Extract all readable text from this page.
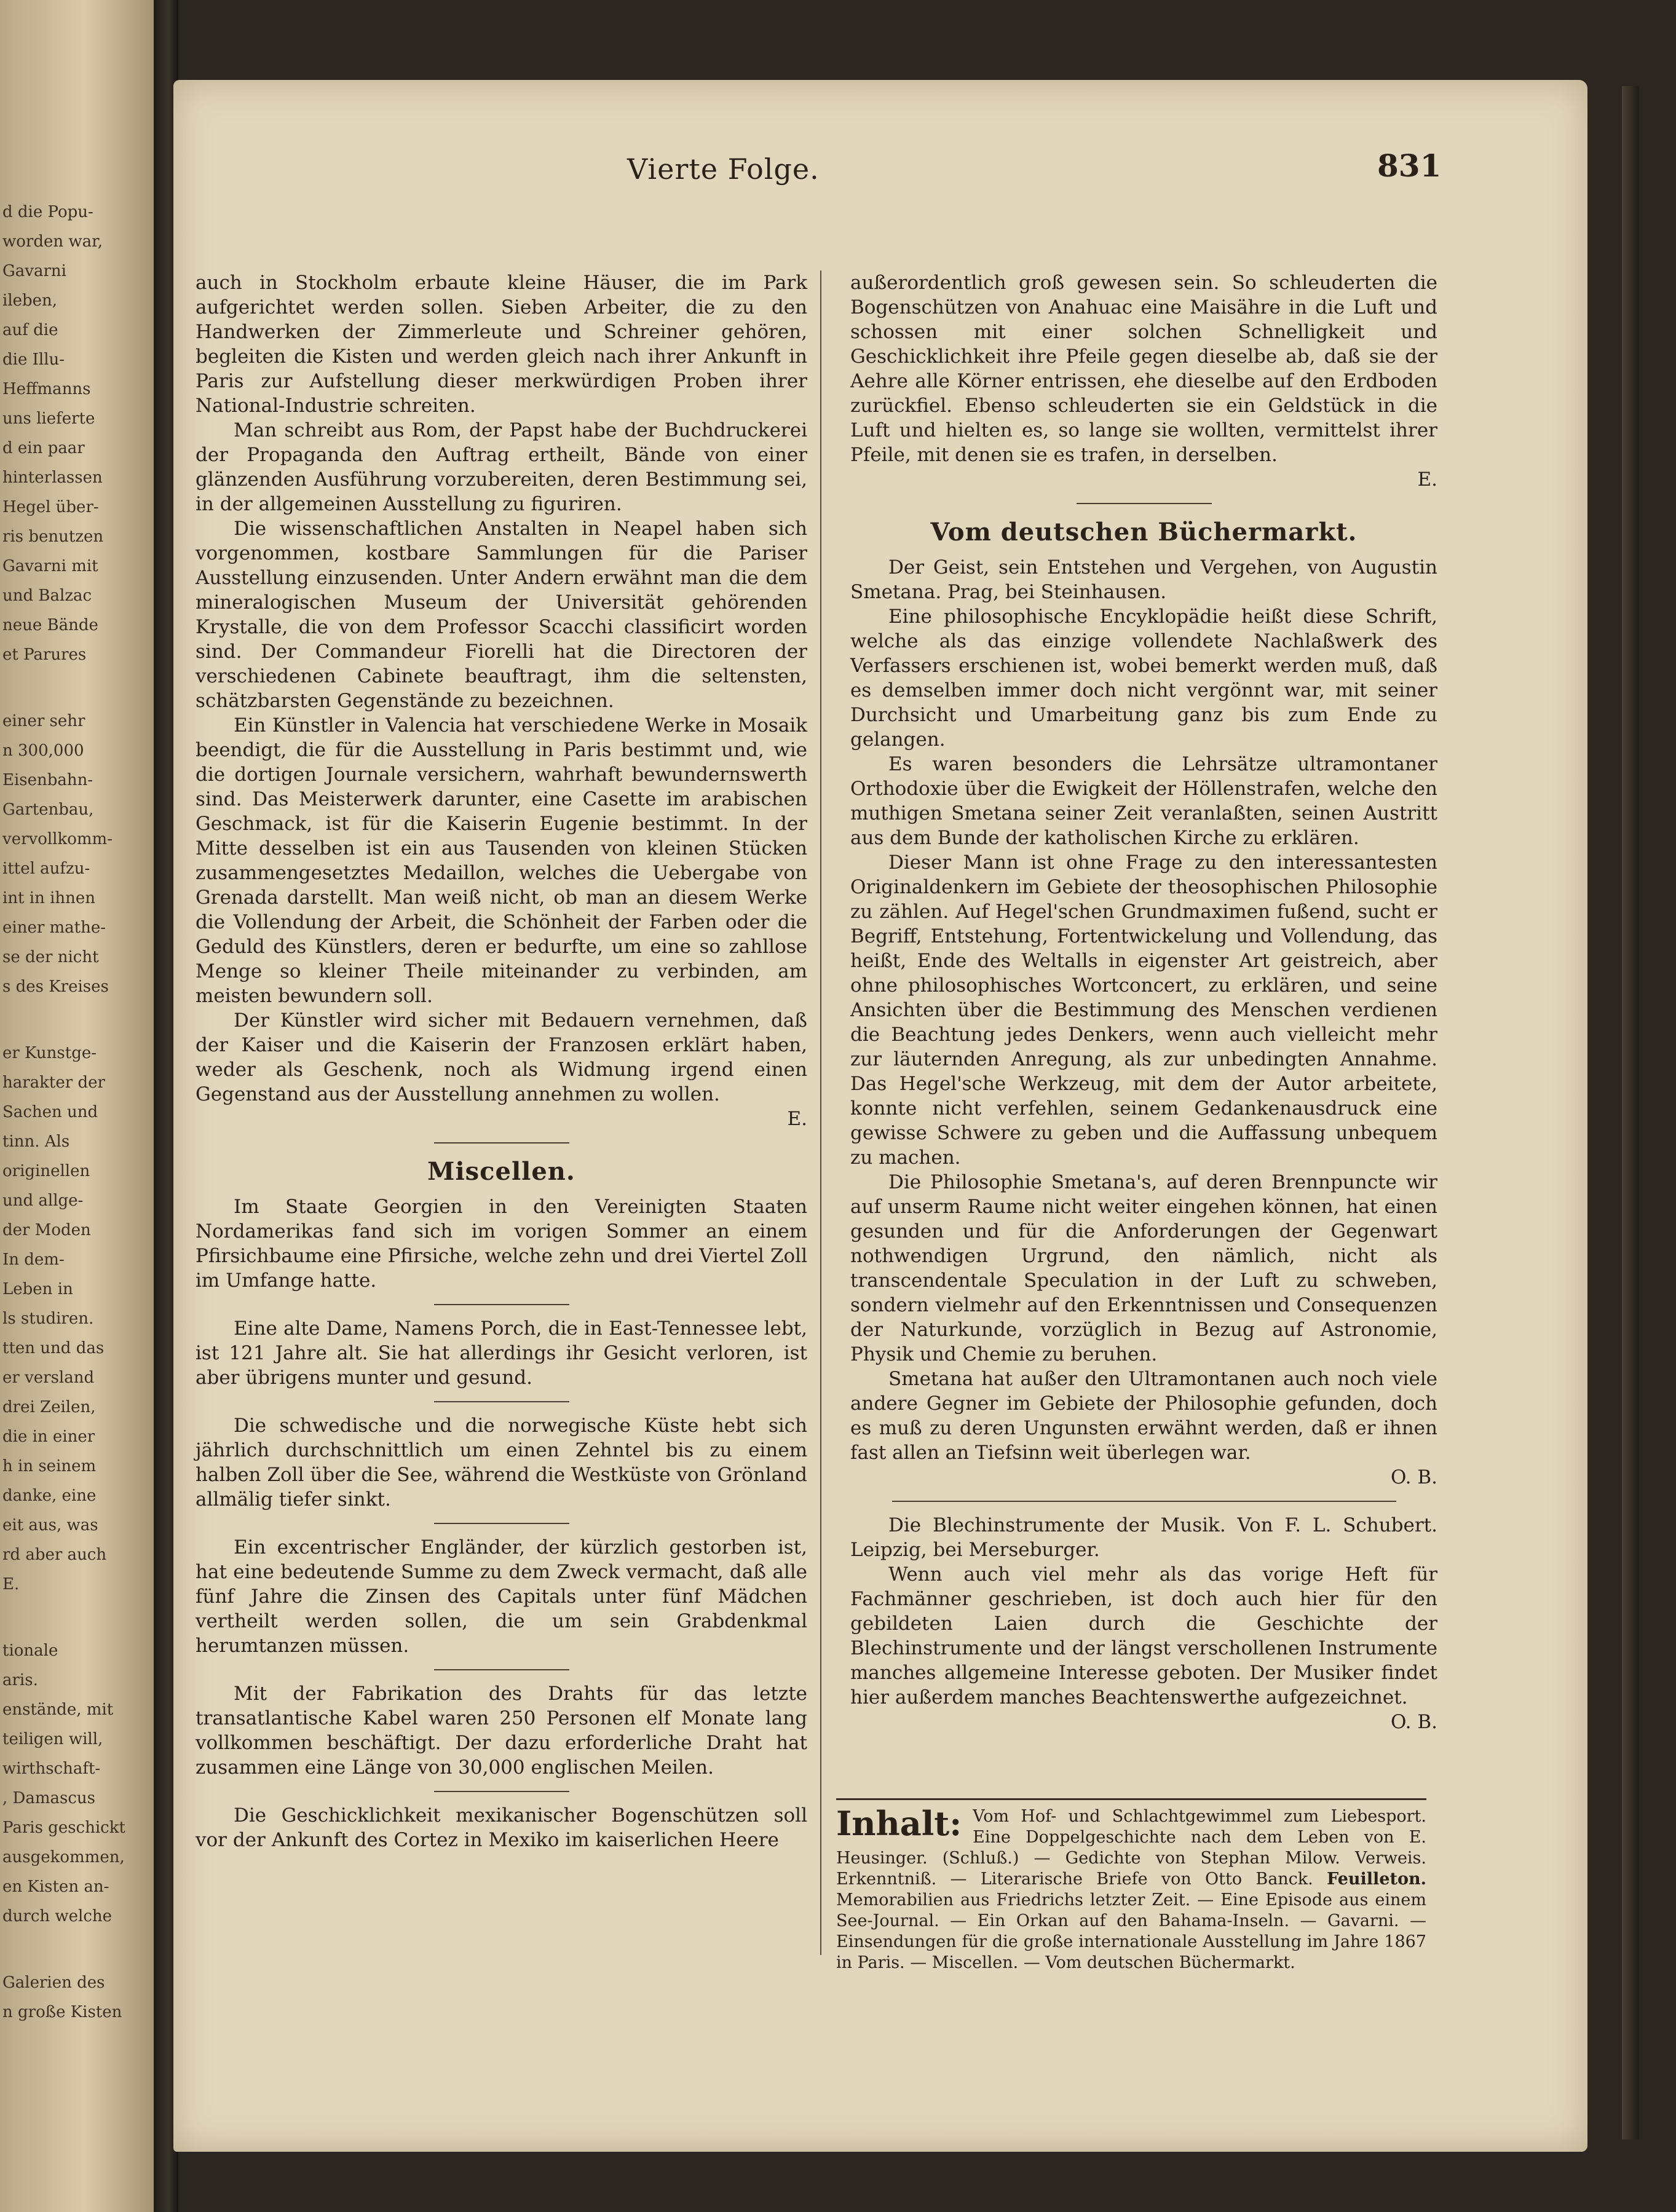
d die Popu-
worden war,
Gavarni
ileben,
auf die
die Illu-
Heffmanns
uns lieferte
d ein paar
hinterlassen
Hegel über-
ris benutzen
Gavarni mit
und Balzac
neue Bände
et Parures
einer sehr
n 300,000
Eisenbahn-
Gartenbau,
vervollkomm-
ittel aufzu-
int in ihnen
einer mathe-
se der nicht
s des Kreises
er Kunstge-
harakter der
Sachen und
tinn. Als
originellen
und allge-
der Moden
In dem-
Leben in
ls studiren.
tten und das
er versland
drei Zeilen,
die in einer
h in seinem
danke, eine
eit aus, was
rd aber auch
E.
tionale
aris.
enstände, mit
teiligen will,
wirthschaft-
, Damascus
Paris geschickt
ausgekommen,
en Kisten an-
durch welche
Galerien des
n große Kisten
Vierte Folge.	831

auch in Stockholm erbaute kleine Häuser, die im Park aufgerichtet werden sollen. Sieben Arbeiter, die zu den Handwerken der Zimmerleute und Schreiner gehören, begleiten die Kisten und werden gleich nach ihrer Ankunft in Paris zur Aufstellung dieser merkwürdigen Proben ihrer National-Industrie schreiten.

Man schreibt aus Rom, der Papst habe der Buchdruckerei der Propaganda den Auftrag ertheilt, Bände von einer glänzenden Ausführung vorzubereiten, deren Bestimmung sei, in der allgemeinen Ausstellung zu figuriren.

Die wissenschaftlichen Anstalten in Neapel haben sich vorgenommen, kostbare Sammlungen für die Pariser Ausstellung einzusenden. Unter Andern erwähnt man die dem mineralogischen Museum der Universität gehörenden Krystalle, die von dem Professor Scacchi classificirt worden sind. Der Commandeur Fiorelli hat die Directoren der verschiedenen Cabinete beauftragt, ihm die seltensten, schätzbarsten Gegenstände zu bezeichnen.

Ein Künstler in Valencia hat verschiedene Werke in Mosaik beendigt, die für die Ausstellung in Paris bestimmt und, wie die dortigen Journale versichern, wahrhaft bewundernswerth sind. Das Meisterwerk darunter, eine Casette im arabischen Geschmack, ist für die Kaiserin Eugenie bestimmt. In der Mitte desselben ist ein aus Tausenden von kleinen Stücken zusammengesetztes Medaillon, welches die Uebergabe von Grenada darstellt. Man weiß nicht, ob man an diesem Werke die Vollendung der Arbeit, die Schönheit der Farben oder die Geduld des Künstlers, deren er bedurfte, um eine so zahllose Menge so kleiner Theile miteinander zu verbinden, am meisten bewundern soll.

Der Künstler wird sicher mit Bedauern vernehmen, daß der Kaiser und die Kaiserin der Franzosen erklärt haben, weder als Geschenk, noch als Widmung irgend einen Gegenstand aus der Ausstellung annehmen zu wollen.

E.

Miscellen.

Im Staate Georgien in den Vereinigten Staaten Nordamerikas fand sich im vorigen Sommer an einem Pfirsichbaume eine Pfirsiche, welche zehn und drei Viertel Zoll im Umfange hatte.

Eine alte Dame, Namens Porch, die in East-Tennessee lebt, ist 121 Jahre alt. Sie hat allerdings ihr Gesicht verloren, ist aber übrigens munter und gesund.

Die schwedische und die norwegische Küste hebt sich jährlich durchschnittlich um einen Zehntel bis zu einem halben Zoll über die See, während die Westküste von Grönland allmälig tiefer sinkt.

Ein excentrischer Engländer, der kürzlich gestorben ist, hat eine bedeutende Summe zu dem Zweck vermacht, daß alle fünf Jahre die Zinsen des Capitals unter fünf Mädchen vertheilt werden sollen, die um sein Grabdenkmal herumtanzen müssen.

Mit der Fabrikation des Drahts für das letzte transatlantische Kabel waren 250 Personen elf Monate lang vollkommen beschäftigt. Der dazu erforderliche Draht hat zusammen eine Länge von 30,000 englischen Meilen.

Die Geschicklichkeit mexikanischer Bogenschützen soll vor der Ankunft des Cortez in Mexiko im kaiserlichen Heere

außerordentlich groß gewesen sein. So schleuderten die Bogenschützen von Anahuac eine Maisähre in die Luft und schossen mit einer solchen Schnelligkeit und Geschicklichkeit ihre Pfeile gegen dieselbe ab, daß sie der Aehre alle Körner entrissen, ehe dieselbe auf den Erdboden zurückfiel. Ebenso schleuderten sie ein Geldstück in die Luft und hielten es, so lange sie wollten, vermittelst ihrer Pfeile, mit denen sie es trafen, in derselben.

E.

Vom deutschen Büchermarkt.

Der Geist, sein Entstehen und Vergehen, von Augustin Smetana. Prag, bei Steinhausen.

Eine philosophische Encyklopädie heißt diese Schrift, welche als das einzige vollendete Nachlaßwerk des Verfassers erschienen ist, wobei bemerkt werden muß, daß es demselben immer doch nicht vergönnt war, mit seiner Durchsicht und Umarbeitung ganz bis zum Ende zu gelangen.

Es waren besonders die Lehrsätze ultramontaner Orthodoxie über die Ewigkeit der Höllenstrafen, welche den muthigen Smetana seiner Zeit veranlaßten, seinen Austritt aus dem Bunde der katholischen Kirche zu erklären.

Dieser Mann ist ohne Frage zu den interessantesten Originaldenkern im Gebiete der theosophischen Philosophie zu zählen. Auf Hegel'schen Grundmaximen fußend, sucht er Begriff, Entstehung, Fortentwickelung und Vollendung, das heißt, Ende des Weltalls in eigenster Art geistreich, aber ohne philosophisches Wortconcert, zu erklären, und seine Ansichten über die Bestimmung des Menschen verdienen die Beachtung jedes Denkers, wenn auch vielleicht mehr zur läuternden Anregung, als zur unbedingten Annahme. Das Hegel'sche Werkzeug, mit dem der Autor arbeitete, konnte nicht verfehlen, seinem Gedankenausdruck eine gewisse Schwere zu geben und die Auffassung unbequem zu machen.

Die Philosophie Smetana's, auf deren Brennpuncte wir auf unserm Raume nicht weiter eingehen können, hat einen gesunden und für die Anforderungen der Gegenwart nothwendigen Urgrund, den nämlich, nicht als transcendentale Speculation in der Luft zu schweben, sondern vielmehr auf den Erkenntnissen und Consequenzen der Naturkunde, vorzüglich in Bezug auf Astronomie, Physik und Chemie zu beruhen.

Smetana hat außer den Ultramontanen auch noch viele andere Gegner im Gebiete der Philosophie gefunden, doch es muß zu deren Ungunsten erwähnt werden, daß er ihnen fast allen an Tiefsinn weit überlegen war.

O. B.

Die Blechinstrumente der Musik. Von F. L. Schubert. Leipzig, bei Merseburger.

Wenn auch viel mehr als das vorige Heft für Fachmänner geschrieben, ist doch auch hier für den gebildeten Laien durch die Geschichte der Blechinstrumente und der längst verschollenen Instrumente manches allgemeine Interesse geboten. Der Musiker findet hier außerdem manches Beachtenswerthe aufgezeichnet.

O. B.

Inhalt: Vom Hof- und Schlachtgewimmel zum Liebesport. Eine Doppelgeschichte nach dem Leben von E. Heusinger. (Schluß.) — Gedichte von Stephan Milow. Verweis. Erkenntniß. — Literarische Briefe von Otto Banck. Feuilleton. Memorabilien aus Friedrichs letzter Zeit. — Eine Episode aus einem See-Journal. — Ein Orkan auf den Bahama-Inseln. — Gavarni. — Einsendungen für die große internationale Ausstellung im Jahre 1867 in Paris. — Miscellen. — Vom deutschen Büchermarkt.
